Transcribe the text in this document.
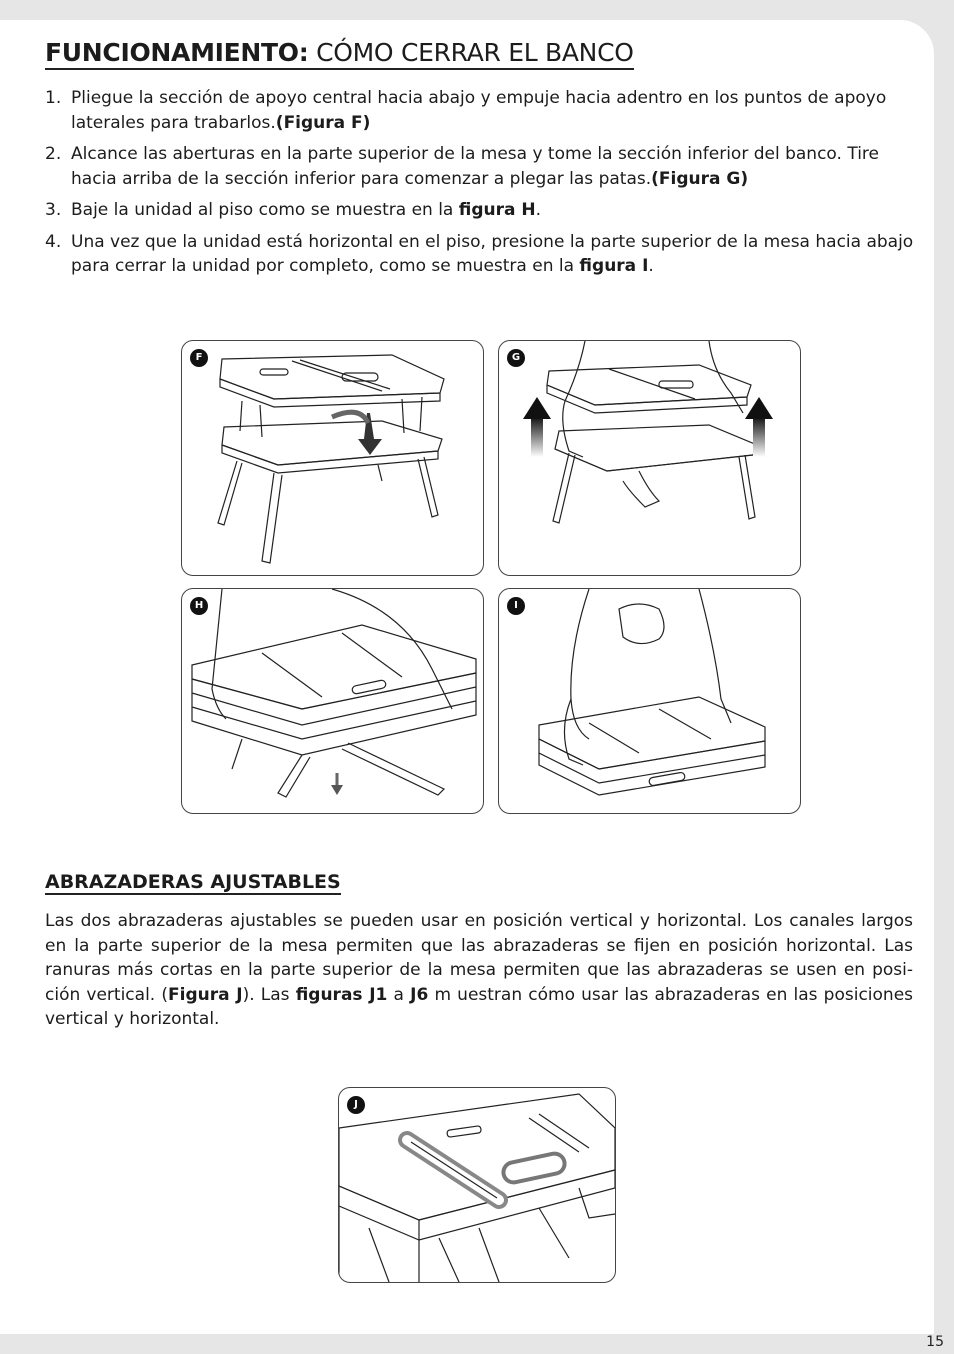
FUNCIONAMIENTO: CÓMO CERRAR EL BANCO
1. Pliegue la sección de apoyo central hacia abajo y empuje hacia adentro en los puntos de apoyo laterales para trabarlos.(Figura F)
2. Alcance las aberturas en la parte superior de la mesa y tome la sección inferior del banco. Tire hacia arriba de la sección inferior para comenzar a plegar las patas.(Figura G)
3. Baje la unidad al piso como se muestra en la figura H.
4. Una vez que la unidad está horizontal en el piso, presione la parte superior de la mesa hacia abajo para cerrar la unidad por completo, como se muestra en la figura I.
F	G
H	I
ABRAZADERAS AJUSTABLES

Las dos abrazaderas ajustables se pueden usar en posición vertical y horizontal. Los canales largos en la parte superior de la mesa permiten que las abrazaderas se fijen en posición horizontal. Las ranuras más cortas en la parte superior de la mesa permiten que las abrazaderas se usen en posi-ción vertical. (Figura J). Las figuras J1 a J6 m uestran cómo usar las abrazaderas en las posiciones vertical y horizontal.

J
15
